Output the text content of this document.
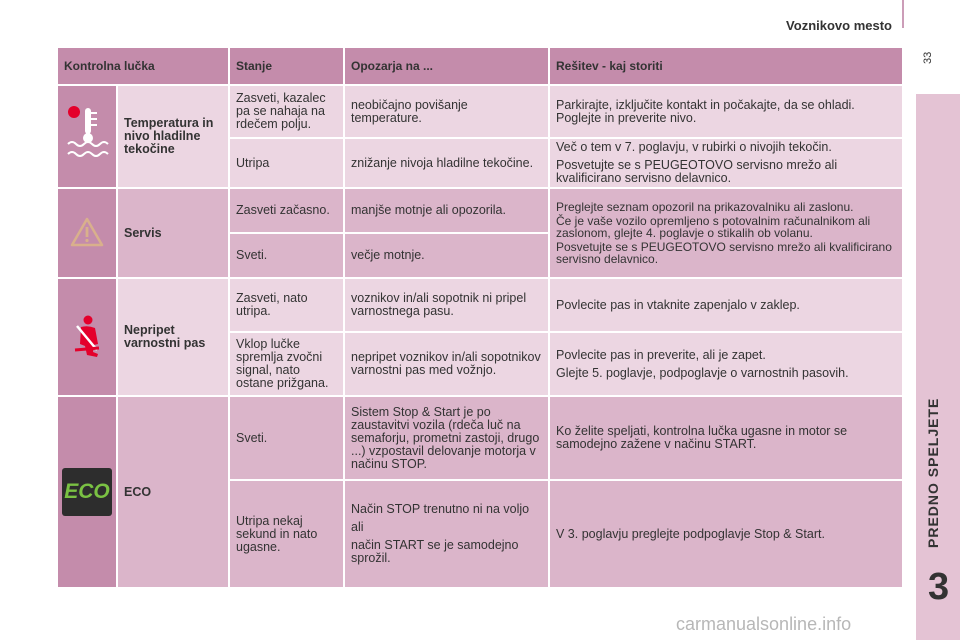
Voznikovo mesto
33
3
carmanualsonline.info
Kontrolna lučka		Stanje	Opozarja na ...	Rešitev - kaj storiti
	Temperatura in nivo hladilne tekočine	Zasveti, kazalec pa se nahaja na rdečem polju.	neobičajno povišanje temperature.	Parkirajte, izključite kontakt in počakajte, da se ohladi. Poglejte in preverite nivo.
		Utripa	znižanje nivoja hladilne tekočine.	Več o tem v 7. poglavju, v rubirki o nivojih tekočin.
Posvetujte se s PEUGEOTOVO servisno mrežo ali kvalificirano servisno delavnico.

	Servis	Zasveti začasno.	manjše motnje ali opozorila.	Preglejte seznam opozoril na prikazovalniku ali zaslonu.
Če je vaše vozilo opremljeno s potovalnim računalnikom ali zaslonom, glejte 4. poglavje o stikalih ob volanu.
Posvetujte se s PEUGEOTOVO servisno mrežo ali kvalificirano servisno delavnico.

		Sveti.	večje motnje.	
	Nepripet varnostni pas	Zasveti, nato utripa.	voznikov in/ali sopotnik ni pripel varnostnega pasu.	Povlecite pas in vtaknite zapenjalo v zaklep.
		Vklop lučke spremlja zvočni signal, nato ostane prižgana.	nepripet voznikov in/ali sopotnikov varnostni pas med vožnjo.	Povlecite pas in preverite, ali je zapet.
Glejte 5. poglavje, podpoglavje o varnostnih pasovih.

ECO	ECO	Sveti.	Sistem Stop & Start je po zaustavitvi vozila (rdeča luč na semaforju, prometni zastoji, drugo ...) vzpostavil delovanje motorja v načinu STOP.	Ko želite speljati, kontrolna lučka ugasne in motor se samodejno zažene v načinu START.
		Utripa nekaj sekund in nato ugasne.	Način STOP trenutno ni na voljo
ali
način START se je samodejno sprožil.	V 3. poglavju preglejte podpoglavje Stop & Start.
